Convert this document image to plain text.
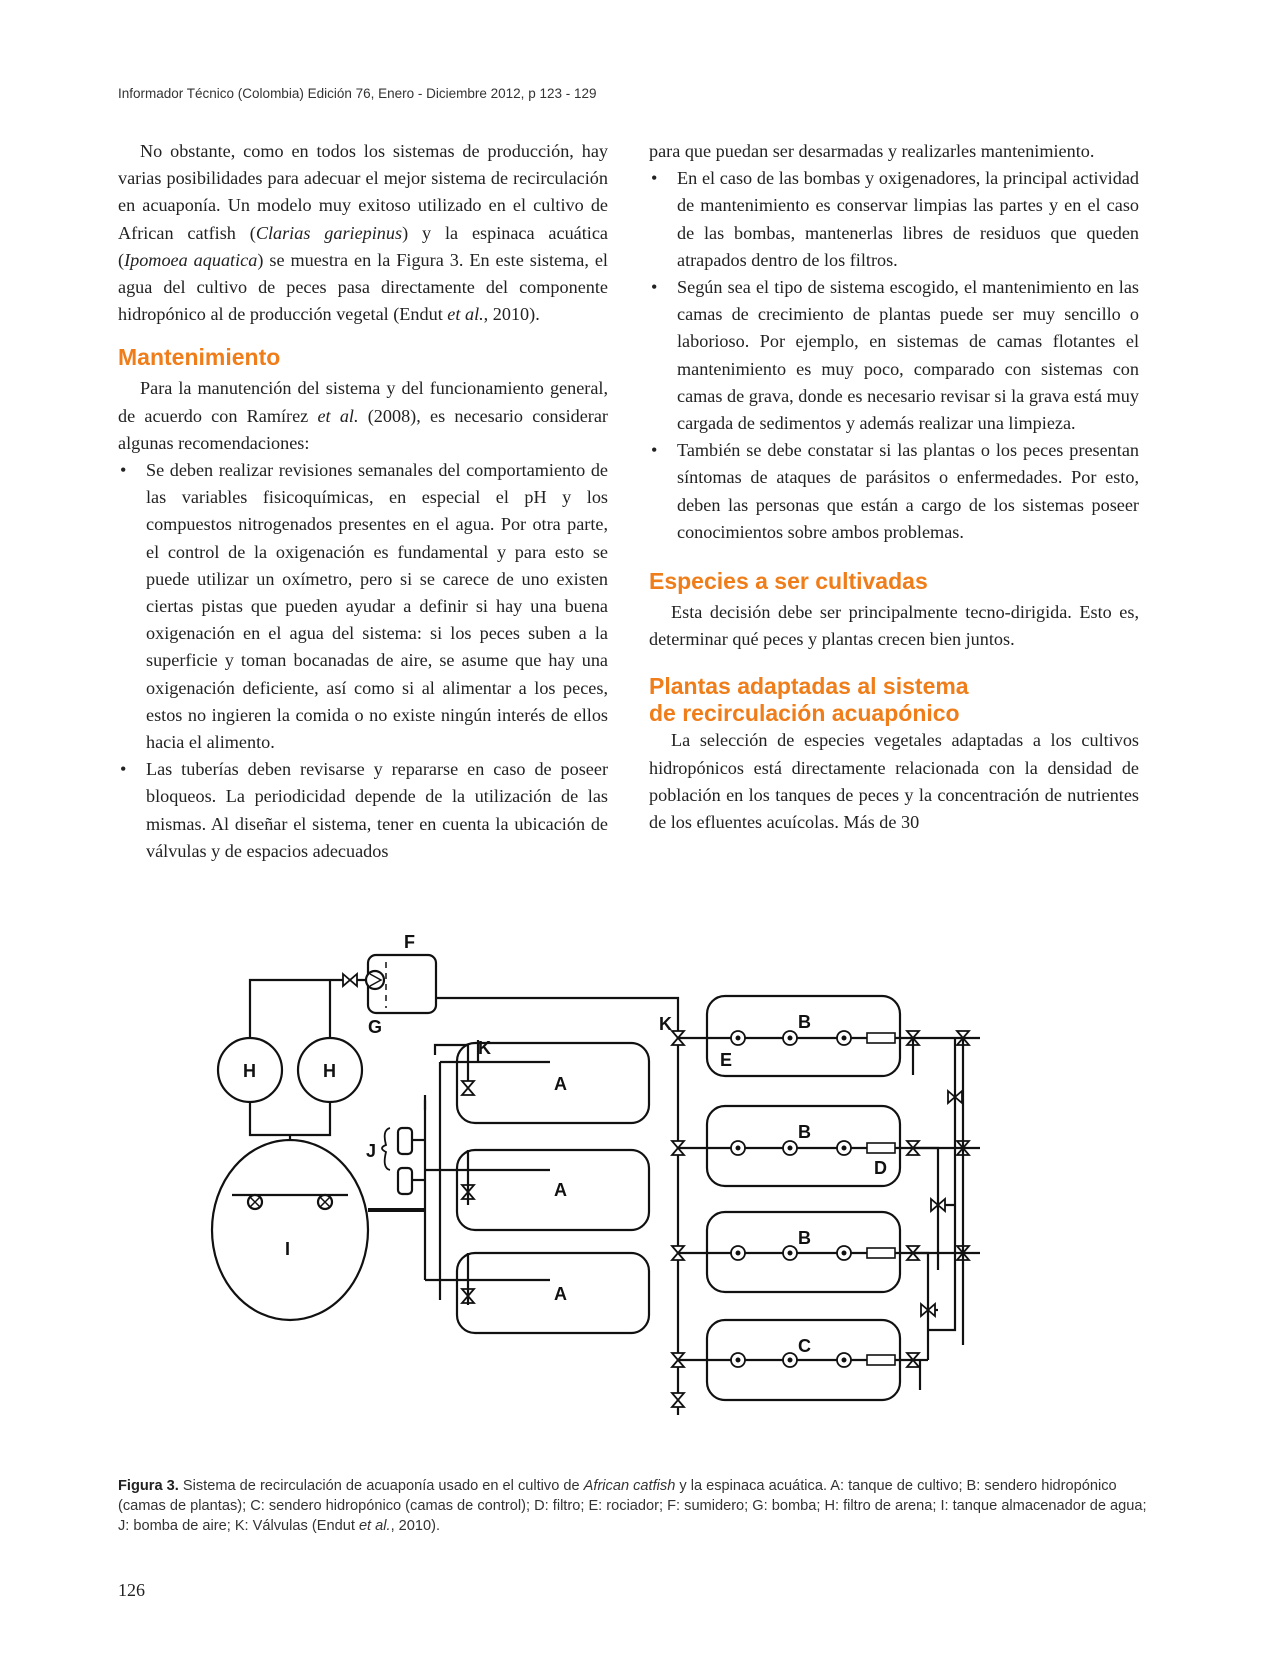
Informador Técnico (Colombia) Edición 76, Enero - Diciembre 2012, p 123 - 129

No obstante, como en todos los sistemas de producción, hay varias posibilidades para adecuar el mejor sistema de recirculación en acuaponía. Un modelo muy exitoso utilizado en el cultivo de African catfish (Clarias gariepinus) y la espinaca acuática (Ipomoea aquatica) se muestra en la Figura 3. En este sistema, el agua del cultivo de peces pasa directamente del componente hidropónico al de producción vegetal (Endut et al., 2010).

Mantenimiento

Para la manutención del sistema y del funcionamiento general, de acuerdo con Ramírez et al. (2008), es necesario considerar algunas recomendaciones:

• Se deben realizar revisiones semanales del comportamiento de las variables fisicoquímicas, en especial el pH y los compuestos nitrogenados presentes en el agua. Por otra parte, el control de la oxigenación es fundamental y para esto se puede utilizar un oxímetro, pero si se carece de uno existen ciertas pistas que pueden ayudar a definir si hay una buena oxigenación en el agua del sistema: si los peces suben a la superficie y toman bocanadas de aire, se asume que hay una oxigenación deficiente, así como si al alimentar a los peces, estos no ingieren la comida o no existe ningún interés de ellos hacia el alimento.
• Las tuberías deben revisarse y repararse en caso de poseer bloqueos. La periodicidad depende de la utilización de las mismas. Al diseñar el sistema, tener en cuenta la ubicación de válvulas y de espacios adecuados

para que puedan ser desarmadas y realizarles mantenimiento.

• En el caso de las bombas y oxigenadores, la principal actividad de mantenimiento es conservar limpias las partes y en el caso de las bombas, mantenerlas libres de residuos que queden atrapados dentro de los filtros.
• Según sea el tipo de sistema escogido, el mantenimiento en las camas de crecimiento de plantas puede ser muy sencillo o laborioso. Por ejemplo, en sistemas de camas flotantes el mantenimiento es muy poco, comparado con sistemas con camas de grava, donde es necesario revisar si la grava está muy cargada de sedimentos y además realizar una limpieza.
• También se debe constatar si las plantas o los peces presentan síntomas de ataques de parásitos o enfermedades. Por esto, deben las personas que están a cargo de los sistemas poseer conocimientos sobre ambos problemas.
Especies a ser cultivadas

Esta decisión debe ser principalmente tecno-dirigida. Esto es, determinar qué peces y plantas crecen bien juntos.

Plantas adaptadas al sistema
de recirculación acuapónico

La selección de especies vegetales adaptadas a los cultivos hidropónicos está directamente relacionada con la densidad de población en los tanques de peces y la concentración de nutrientes de los efluentes acuícolas. Más de 30

F
G
H	H
I
J
A
A
A
K
K	B
B
B
C
E
D
Figura 3. Sistema de recirculación de acuaponía usado en el cultivo de African catfish y la espinaca acuática. A: tanque de cultivo; B: sendero hidropónico (camas de plantas); C: sendero hidropónico (camas de control); D: filtro; E: rociador; F: sumidero; G: bomba; H: filtro de arena; I: tanque almacenador de agua; J: bomba de aire; K: Válvulas (Endut et al., 2010).
126
